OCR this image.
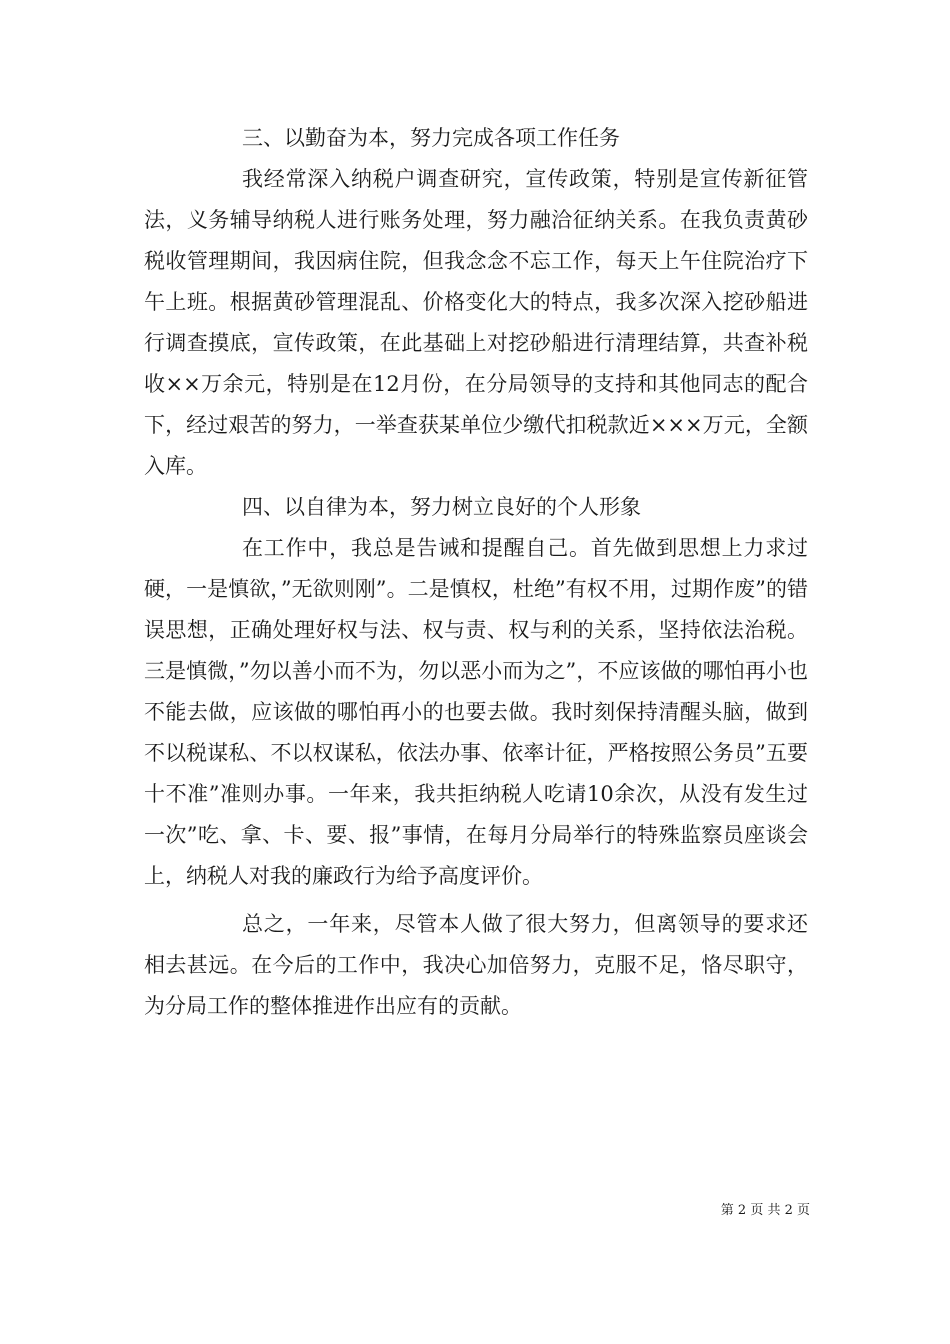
三、以勤奋为本，努力完成各项工作任务

我经常深入纳税户调查研究，宣传政策，特别是宣传新征管法，义务辅导纳税人进行账务处理，努力融洽征纳关系。在我负责黄砂税收管理期间，我因病住院，但我念念不忘工作，每天上午住院治疗下午上班。根据黄砂管理混乱、价格变化大的特点，我多次深入挖砂船进行调查摸底，宣传政策，在此基础上对挖砂船进行清理结算，共查补税收××万余元，特别是在12月份，在分局领导的支持和其他同志的配合下，经过艰苦的努力，一举查获某单位少缴代扣税款近×××万元，全额入库。

四、以自律为本，努力树立良好的个人形象

在工作中，我总是告诫和提醒自己。首先做到思想上力求过硬，一是慎欲，”无欲则刚”。二是慎权，杜绝”有权不用，过期作废”的错误思想，正确处理好权与法、权与责、权与利的关系，坚持依法治税。三是慎微，”勿以善小而不为，勿以恶小而为之”，不应该做的哪怕再小也不能去做，应该做的哪怕再小的也要去做。我时刻保持清醒头脑，做到不以税谋私、不以权谋私，依法办事、依率计征，严格按照公务员”五要十不准”准则办事。一年来，我共拒纳税人吃请10余次，从没有发生过一次”吃、拿、卡、要、报”事情，在每月分局举行的特殊监察员座谈会上，纳税人对我的廉政行为给予高度评价。

总之，一年来，尽管本人做了很大努力，但离领导的要求还相去甚远。在今后的工作中，我决心加倍努力，克服不足，恪尽职守，为分局工作的整体推进作出应有的贡献。

第 2 页 共 2 页
